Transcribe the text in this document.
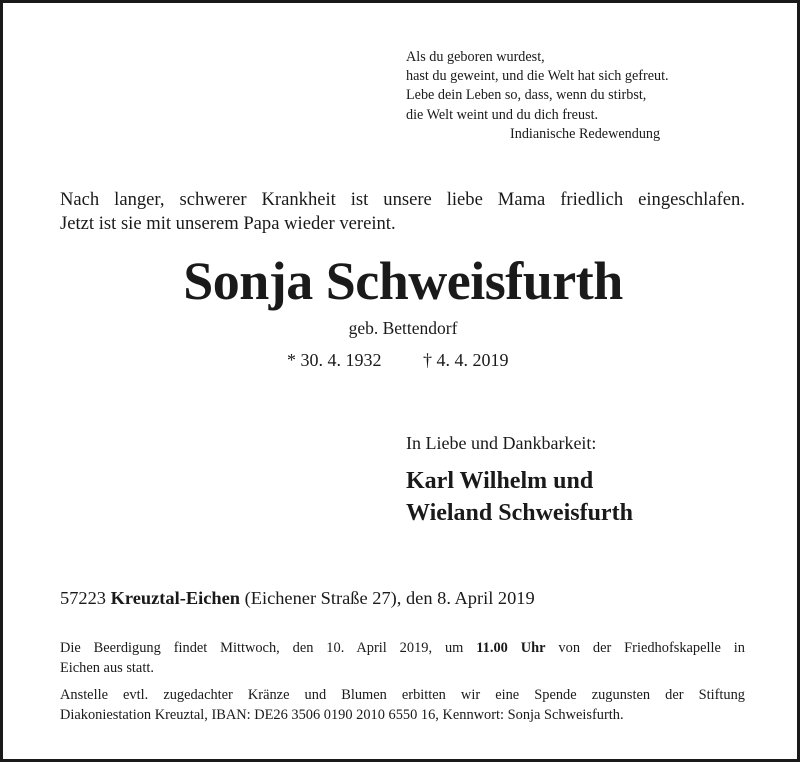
Als du geboren wurdest,
hast du geweint, und die Welt hat sich gefreut.
Lebe dein Leben so, dass, wenn du stirbst,
die Welt weint und du dich freust.
Indianische Redewendung
Nach langer, schwerer Krankheit ist unsere liebe Mama friedlich eingeschlafen.
Jetzt ist sie mit unserem Papa wieder vereint.
Sonja Schweisfurth
geb. Bettendorf
* 30. 4. 1932 † 4. 4. 2019
In Liebe und Dankbarkeit:
Karl Wilhelm und
Wieland Schweisfurth
57223 Kreuztal-Eichen (Eichener Straße 27), den 8. April 2019
Die Beerdigung findet Mittwoch, den 10. April 2019, um 11.00 Uhr von der Friedhofskapelle in
Eichen aus statt.
Anstelle evtl. zugedachter Kränze und Blumen erbitten wir eine Spende zugunsten der Stiftung
Diakoniestation Kreuztal, IBAN: DE26 3506 0190 2010 6550 16, Kennwort: Sonja Schweisfurth.
